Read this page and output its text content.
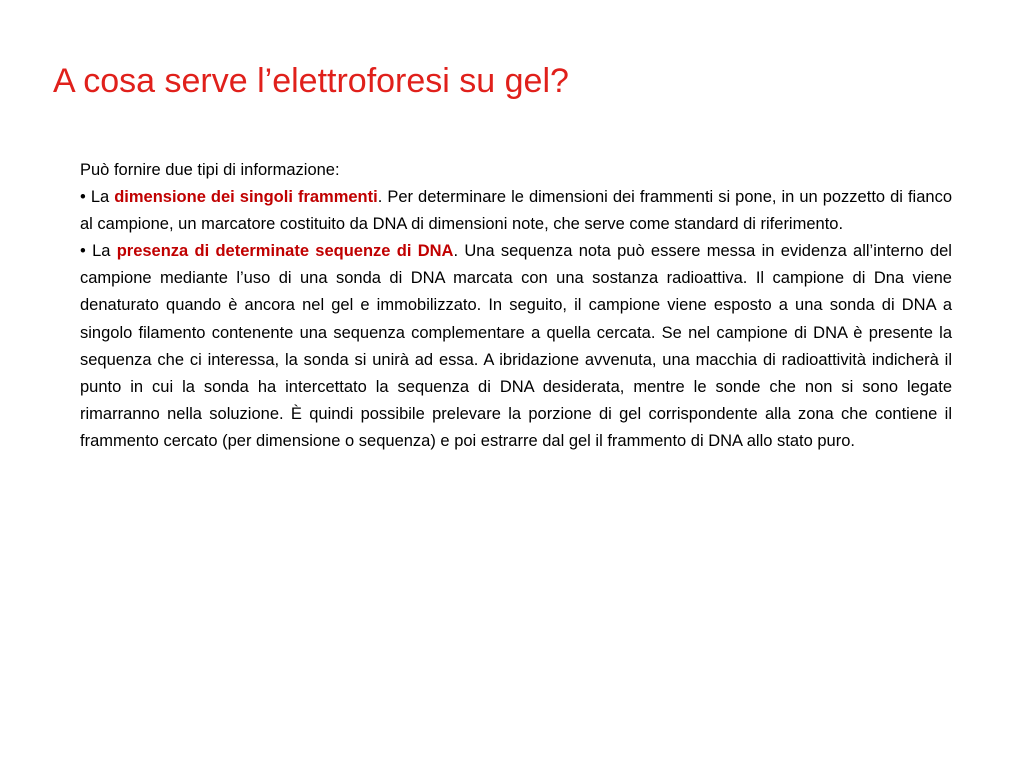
A cosa serve l’elettroforesi su gel?

Può fornire due tipi di informazione:

• La dimensione dei singoli frammenti. Per determinare le dimensioni dei frammenti si pone, in un pozzetto di fianco al campione, un marcatore costituito da DNA di dimensioni note, che serve come standard di riferimento.

• La presenza di determinate sequenze di DNA. Una sequenza nota può essere messa in evidenza all’interno del campione mediante l’uso di una sonda di DNA marcata con una sostanza radioattiva. Il campione di Dna viene denaturato quando è ancora nel gel e immobilizzato. In seguito, il campione viene esposto a una sonda di DNA a singolo filamento contenente una sequenza complementare a quella cercata. Se nel campione di DNA è presente la sequenza che ci interessa, la sonda si unirà ad essa. A ibridazione avvenuta, una macchia di radioattività indicherà il punto in cui la sonda ha intercettato la sequenza di DNA desiderata, mentre le sonde che non si sono legate rimarranno nella soluzione. È quindi possibile prelevare la porzione di gel corrispondente alla zona che contiene il frammento cercato (per dimensione o sequenza) e poi estrarre dal gel il frammento di DNA allo stato puro.
